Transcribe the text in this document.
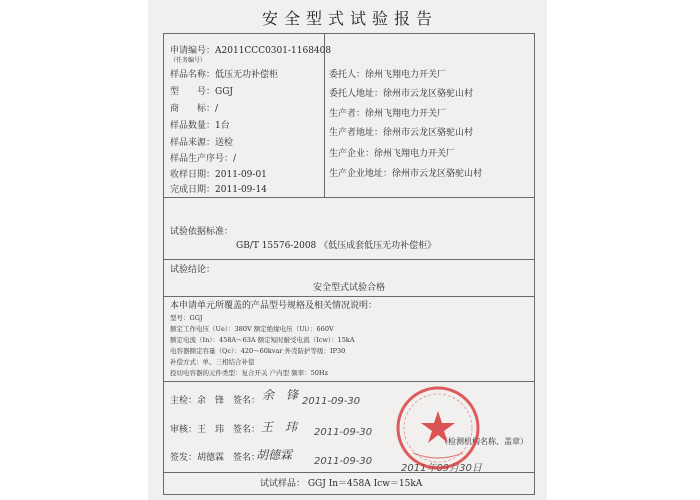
安全型式试验报告
申请编号：A2011CCC0301-1168408
（任务编号）
样品名称：低压无功补偿柜
型　　号：GGJ
商　　标：/
样品数量：1台
样品来源：送检
样品生产序号：/
收样日期：2011-09-01
完成日期：2011-09-14
委托人：徐州飞翔电力开关厂
委托人地址：徐州市云龙区骆驼山村
生产者：徐州飞翔电力开关厂
生产者地址：徐州市云龙区骆驼山村
生产企业：徐州飞翔电力开关厂
生产企业地址：徐州市云龙区骆驼山村
试验依据标准：
GB/T 15576-2008 《低压成套低压无功补偿柜》
试验结论：
安全型式试验合格
本申请单元所覆盖的产品型号规格及相关情况说明：
型号：GGJ
额定工作电压（Ue）：380V 额定绝缘电压（Ui）：660V
额定电流（In）：458A～63A 额定短时耐受电流（Icw）：15kA
电容器额定容量（Qc）：420～60kvar 外壳防护等级：IP30
补偿方式：单、三相结合补偿
投切电容器的元件类型：复合开关 户内型 频率：50Hz
主检：余　锋　 签名：
审核：王　玮　 签名：
签发：胡德霖　 签名：
余　锋 2011-09-30
王　玮 2011-09-30
胡德霖 2011-09-30
（检测机构名称、盖章）
2011年09月30日
试试样品： GGJ In＝458A Icw＝15kA
